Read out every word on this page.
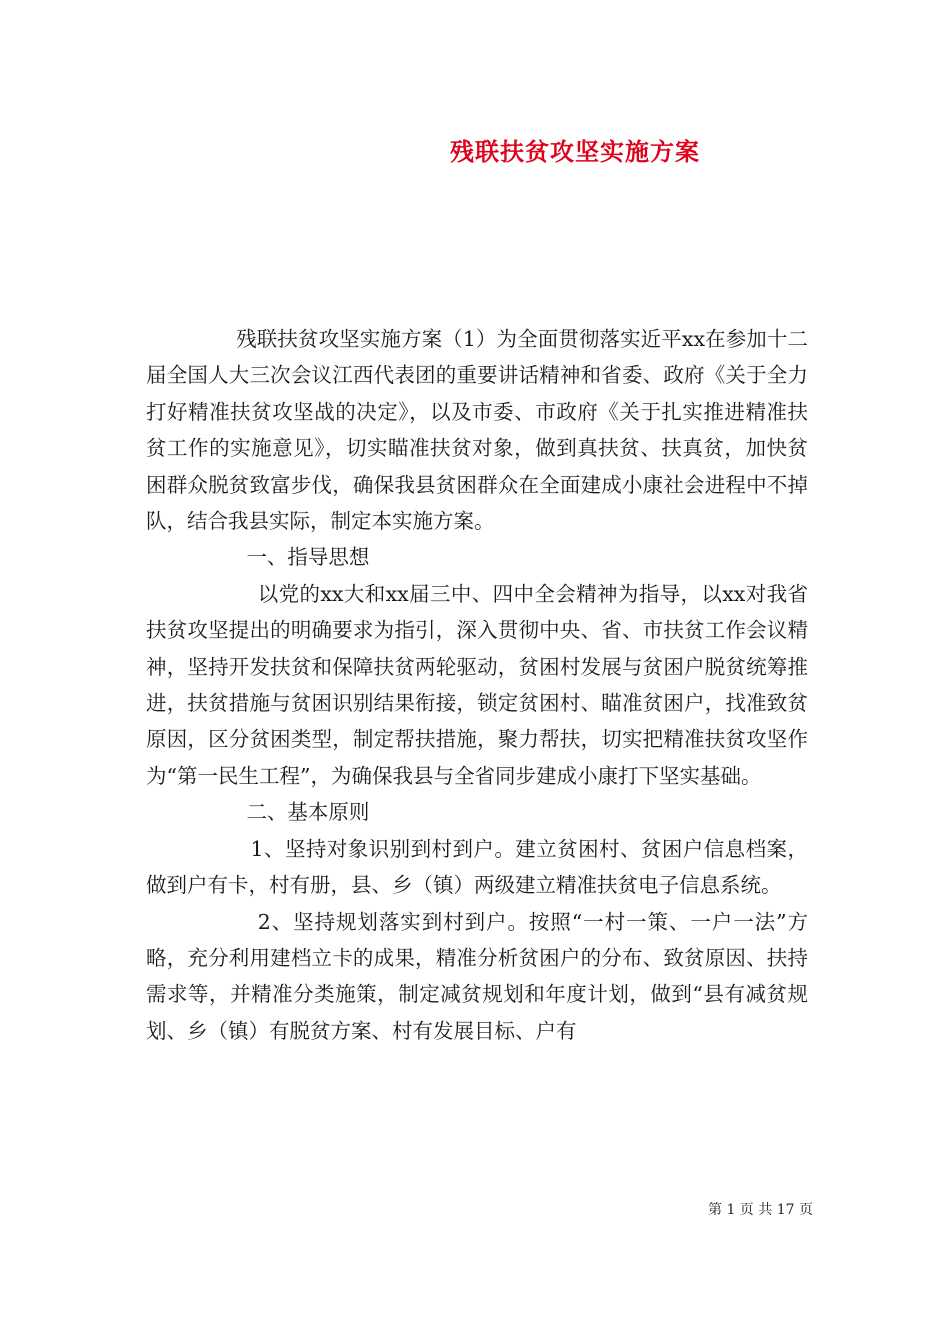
残联扶贫攻坚实施方案

残联扶贫攻坚实施方案（1）为全面贯彻落实近平xx在参加十二届全国人大三次会议江西代表团的重要讲话精神和省委、政府《关于全力打好精准扶贫攻坚战的决定》，以及市委、市政府《关于扎实推进精准扶贫工作的实施意见》，切实瞄准扶贫对象，做到真扶贫、扶真贫，加快贫困群众脱贫致富步伐，确保我县贫困群众在全面建成小康社会进程中不掉队，结合我县实际，制定本实施方案。

一、指导思想

以党的xx大和xx届三中、四中全会精神为指导，以xx对我省扶贫攻坚提出的明确要求为指引，深入贯彻中央、省、市扶贫工作会议精神，坚持开发扶贫和保障扶贫两轮驱动，贫困村发展与贫困户脱贫统筹推进，扶贫措施与贫困识别结果衔接，锁定贫困村、瞄准贫困户，找准致贫原因，区分贫困类型，制定帮扶措施，聚力帮扶，切实把精准扶贫攻坚作为“第一民生工程”，为确保我县与全省同步建成小康打下坚实基础。

二、基本原则

1、坚持对象识别到村到户。建立贫困村、贫困户信息档案，做到户有卡，村有册，县、乡（镇）两级建立精准扶贫电子信息系统。

2、坚持规划落实到村到户。按照“一村一策、一户一法”方略，充分利用建档立卡的成果，精准分析贫困户的分布、致贫原因、扶持需求等，并精准分类施策，制定减贫规划和年度计划，做到“县有减贫规划、乡（镇）有脱贫方案、村有发展目标、户有

第 1 页 共 17 页
